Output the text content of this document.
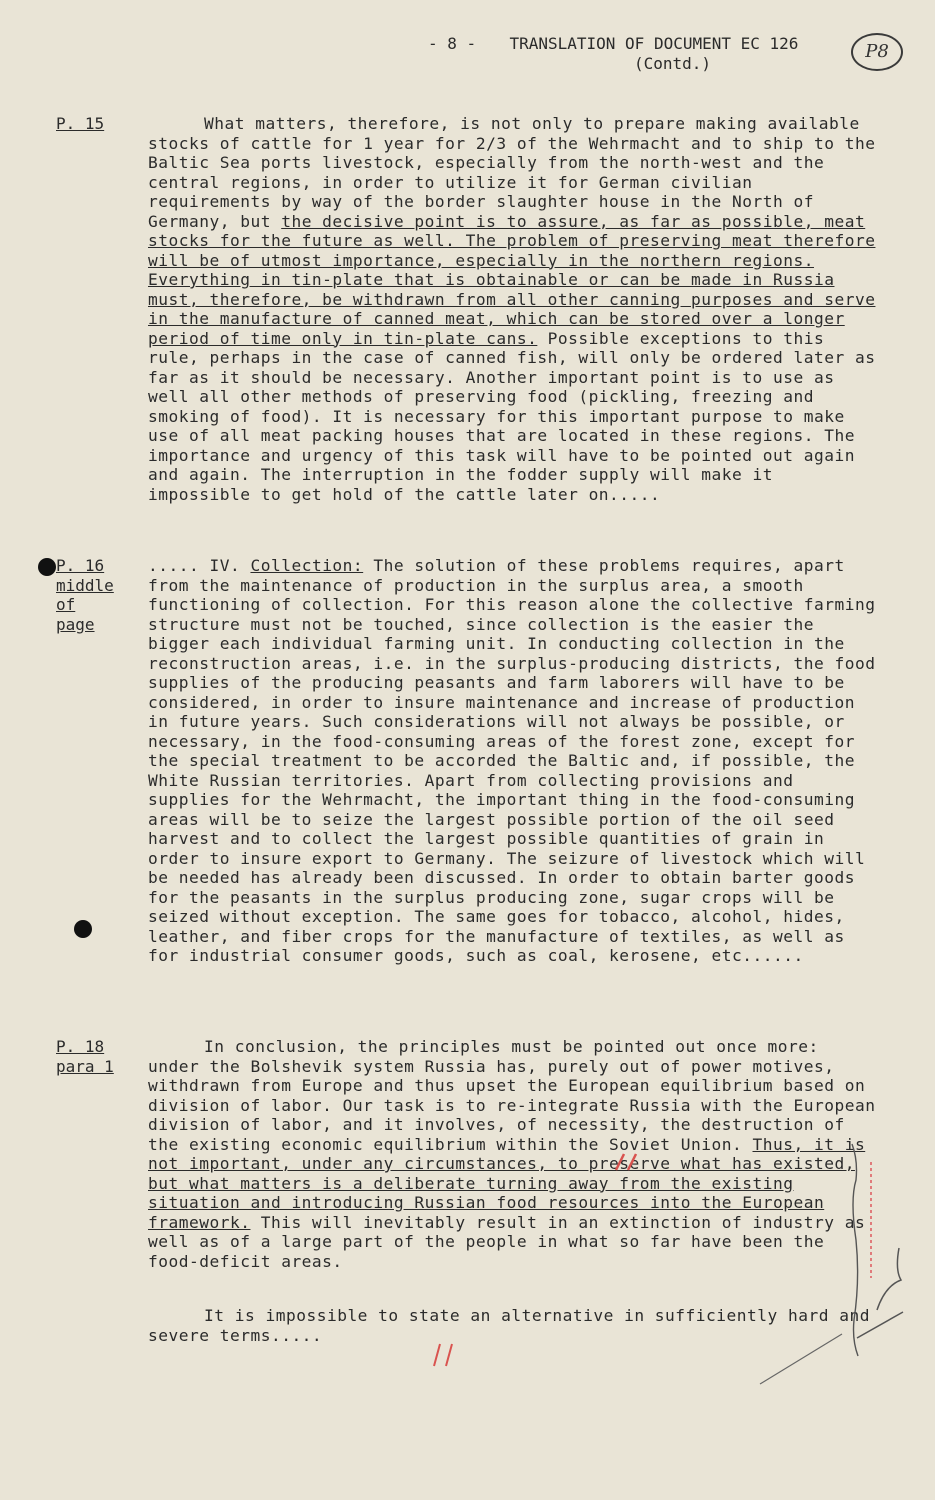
- 8 - TRANSLATION OF DOCUMENT EC 126
(Contd.)
P8
P. 15
P. 16
middle
of
page
P. 18
para 1

What matters, therefore, is not only to prepare making available stocks of cattle for 1 year for 2/3 of the Wehrmacht and to ship to the Baltic Sea ports livestock, especially from the north-west and the central regions, in order to utilize it for German civilian requirements by way of the border slaughter house in the North of Germany, but the decisive point is to assure, as far as possible, meat stocks for the future as well. The problem of preserving meat therefore will be of utmost importance, especially in the northern regions. Everything in tin-plate that is obtainable or can be made in Russia must, therefore, be withdrawn from all other canning purposes and serve in the manufacture of canned meat, which can be stored over a longer period of time only in tin-plate cans. Possible exceptions to this rule, perhaps in the case of canned fish, will only be ordered later as far as it should be necessary. Another important point is to use as well all other methods of preserving food (pickling, freezing and smoking of food). It is necessary for this important purpose to make use of all meat packing houses that are located in these regions. The importance and urgency of this task will have to be pointed out again and again. The interruption in the fodder supply will make it impossible to get hold of the cattle later on.....

..... IV. Collection: The solution of these problems requires, apart from the maintenance of production in the surplus area, a smooth functioning of collection. For this reason alone the collective farming structure must not be touched, since collection is the easier the bigger each individual farming unit. In conducting collection in the reconstruction areas, i.e. in the surplus-producing districts, the food supplies of the producing peasants and farm laborers will have to be considered, in order to insure maintenance and increase of production in future years. Such considerations will not always be possible, or necessary, in the food-consuming areas of the forest zone, except for the special treatment to be accorded the Baltic and, if possible, the White Russian territories. Apart from collecting provisions and supplies for the Wehrmacht, the important thing in the food-consuming areas will be to seize the largest possible portion of the oil seed harvest and to collect the largest possible quantities of grain in order to insure export to Germany. The seizure of livestock which will be needed has already been discussed. In order to obtain barter goods for the peasants in the surplus producing zone, sugar crops will be seized without exception. The same goes for tobacco, alcohol, hides, leather, and fiber crops for the manufacture of textiles, as well as for industrial consumer goods, such as coal, kerosene, etc......

In conclusion, the principles must be pointed out once more: under the Bolshevik system Russia has, purely out of power motives, withdrawn from Europe and thus upset the European equilibrium based on division of labor. Our task is to re-integrate Russia with the European division of labor, and it involves, of necessity, the destruction of the existing economic equilibrium within the Soviet Union. Thus, it is not important, under any circumstances, to preserve what has existed, but what matters is a deliberate turning away from the existing situation and introducing Russian food resources into the European framework. This will inevitably result in an extinction of industry as well as of a large part of the people in what so far have been the food-deficit areas.

It is impossible to state an alternative in sufficiently hard and severe terms.....
